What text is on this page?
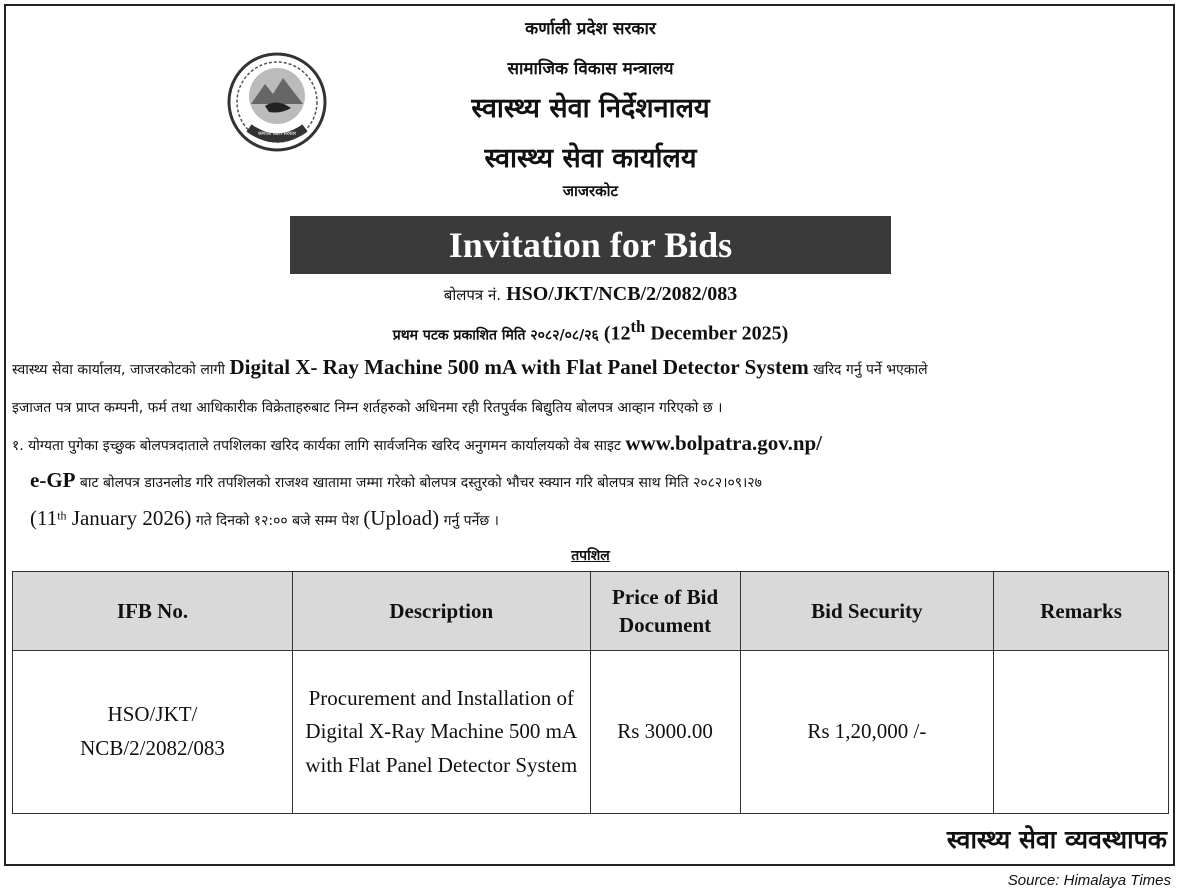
कर्णाली प्रदेश सरकार
कर्णाली प्रदेश सरकार
सामाजिक विकास मन्त्रालय
स्वास्थ्य सेवा निर्देशनालय
स्वास्थ्य सेवा कार्यालय
जाजरकोट
Invitation for Bids
बोलपत्र नं. HSO/JKT/NCB/2/2082/083
प्रथम पटक प्रकाशित मिति २०८२/०८/२६ (12th December 2025)
स्वास्थ्य सेवा कार्यालय, जाजरकोटको लागी Digital X- Ray Machine 500 mA with Flat Panel Detector System खरिद गर्नु पर्ने भएकाले
इजाजत पत्र प्राप्त कम्पनी, फर्म तथा आधिकारीक विक्रेताहरुबाट निम्न शर्तहरुको अधिनमा रही रितपुर्वक बिद्युतिय बोलपत्र आव्हान गरिएको छ ।
१. योग्यता पुगेका इच्छुक बोलपत्रदाताले तपशिलका खरिद कार्यका लागि सार्वजनिक खरिद अनुगमन कार्यालयको वेब साइट www.bolpatra.gov.np/
e-GP बाट बोलपत्र डाउनलोड गरि तपशिलको राजश्व खातामा जम्मा गरेको बोलपत्र दस्तुरको भौचर स्क्यान गरि बोलपत्र साथ मिति २०८२।०९।२७
(11th January 2026) गते दिनको १२:०० बजे सम्म पेश (Upload) गर्नु पर्नेछ ।
तपशिल
IFB No.	Description	Price of Bid Document	Bid Security	Remarks
HSO/JKT/ NCB/2/2082/083	Procurement and Installation of Digital X-Ray Machine 500 mA with Flat Panel Detector System	Rs 3000.00	Rs 1,20,000 /-	
स्वास्थ्य सेवा व्यवस्थापक
Source: Himalaya Times
